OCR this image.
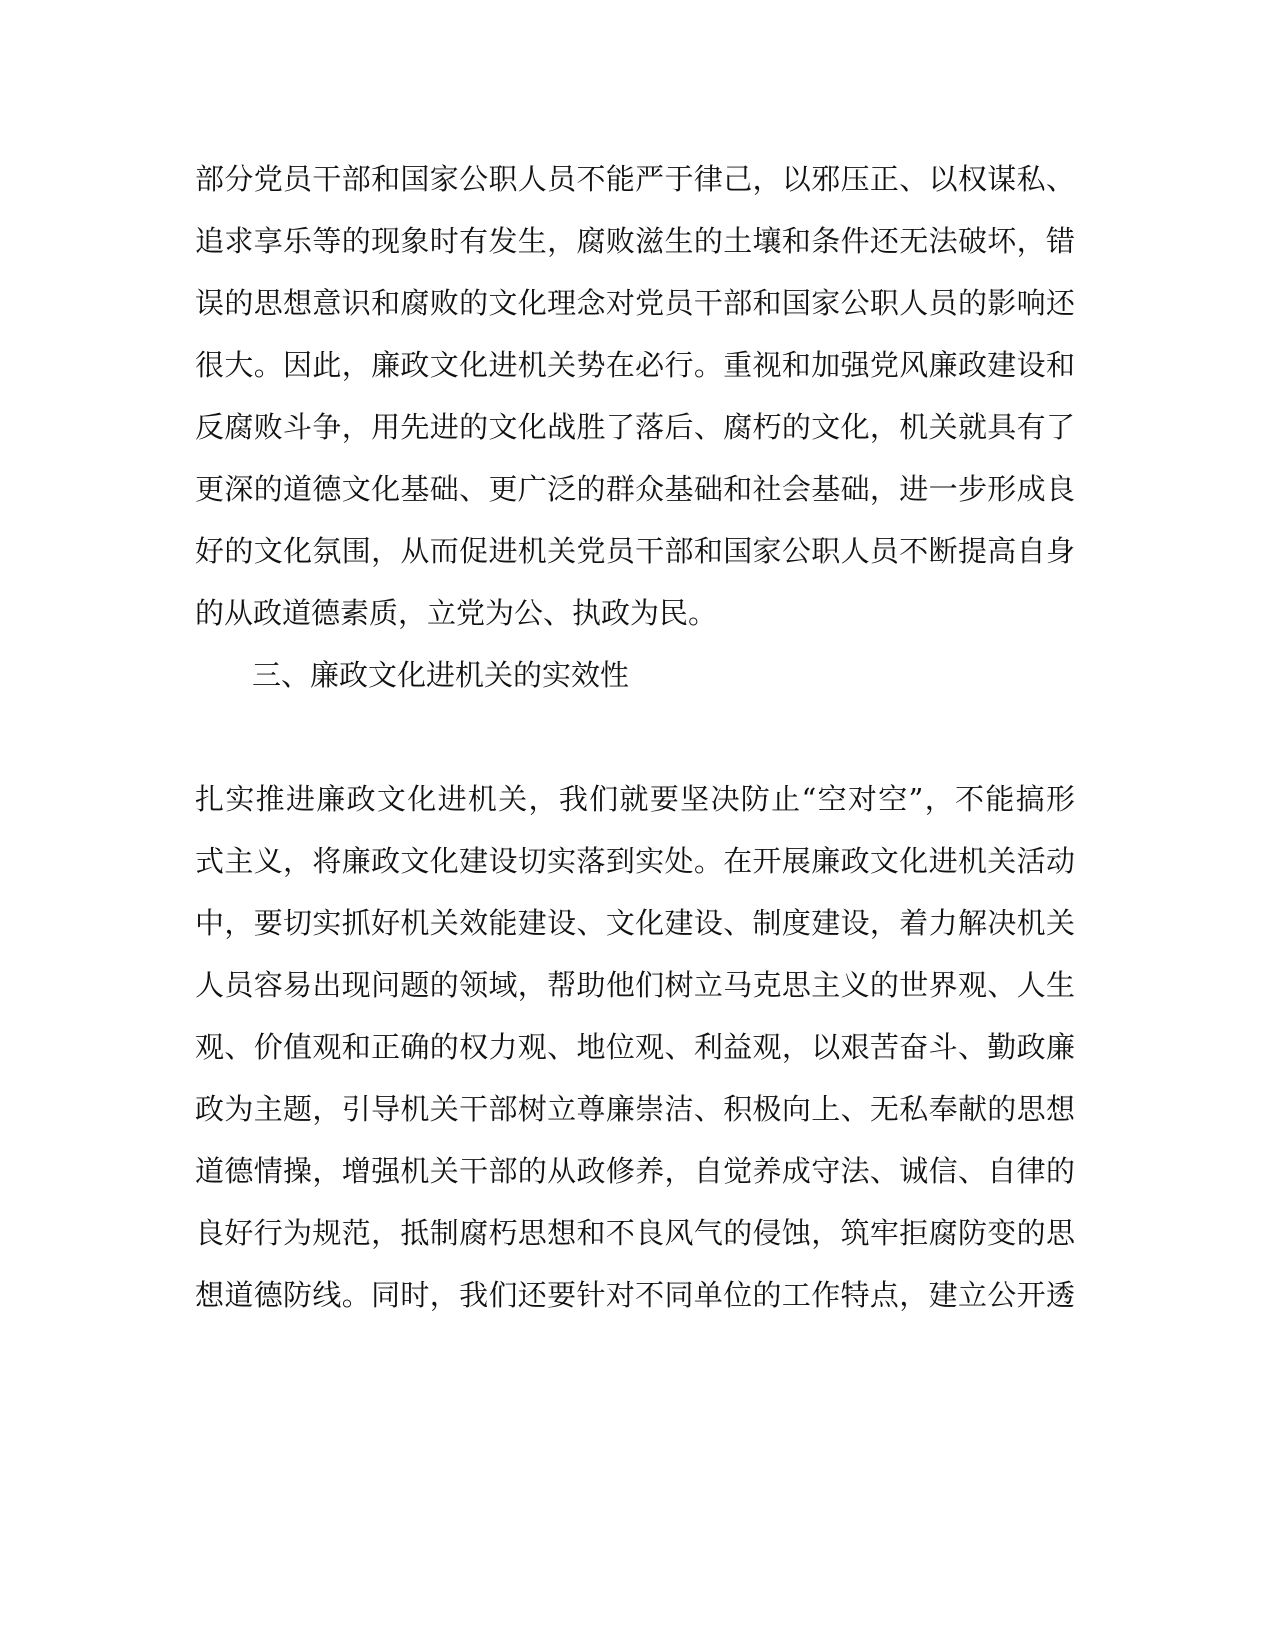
部分党员干部和国家公职人员不能严于律己，以邪压正、以权谋私、
追求享乐等的现象时有发生，腐败滋生的土壤和条件还无法破坏，错
误的思想意识和腐败的文化理念对党员干部和国家公职人员的影响还
很大。因此，廉政文化进机关势在必行。重视和加强党风廉政建设和
反腐败斗争，用先进的文化战胜了落后、腐朽的文化，机关就具有了
更深的道德文化基础、更广泛的群众基础和社会基础，进一步形成良
好的文化氛围，从而促进机关党员干部和国家公职人员不断提高自身
的从政道德素质，立党为公、执政为民。
三、廉政文化进机关的实效性
扎实推进廉政文化进机关，我们就要坚决防止“空对空”，不能搞形
式主义，将廉政文化建设切实落到实处。在开展廉政文化进机关活动
中，要切实抓好机关效能建设、文化建设、制度建设，着力解决机关
人员容易出现问题的领域，帮助他们树立马克思主义的世界观、人生
观、价值观和正确的权力观、地位观、利益观，以艰苦奋斗、勤政廉
政为主题，引导机关干部树立尊廉崇洁、积极向上、无私奉献的思想
道德情操，增强机关干部的从政修养，自觉养成守法、诚信、自律的
良好行为规范，抵制腐朽思想和不良风气的侵蚀，筑牢拒腐防变的思
想道德防线。同时，我们还要针对不同单位的工作特点，建立公开透
